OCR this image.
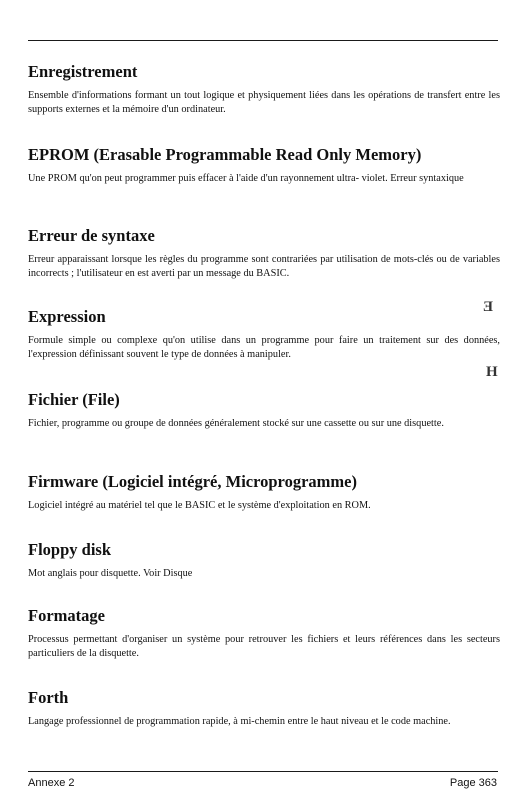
Enregistrement

Ensemble d'informations formant un tout logique et physiquement liées dans les opérations de transfert entre les supports externes et la mémoire d'un ordinateur.

EPROM (Erasable Programmable Read Only Memory)

Une PROM qu'on peut programmer puis effacer à l'aide d'un rayonnement ultra- violet. Erreur syntaxique

Erreur de syntaxe

Erreur apparaissant lorsque les règles du programme sont contrariées par utilisation de mots-clés ou de variables incorrects ; l'utilisateur en est averti par un message du BASIC.

Expression

Formule simple ou complexe qu'on utilise dans un programme pour faire un traitement sur des données, l'expression définissant souvent le type de données à manipuler.

Fichier (File)

Fichier, programme ou groupe de données généralement stocké sur une cassette ou sur une disquette.

Firmware (Logiciel intégré, Microprogramme)

Logiciel intégré au matériel tel que le BASIC et le système d'exploitation en ROM.

Floppy disk

Mot anglais pour disquette. Voir Disque

Formatage

Processus permettant d'organiser un système pour retrouver les fichiers et leurs références dans les secteurs particuliers de la disquette.

Forth

Langage professionnel de programmation rapide, à mi-chemin entre le haut niveau et le code machine.

Ǝ
H
Annexe 2	Page 363
